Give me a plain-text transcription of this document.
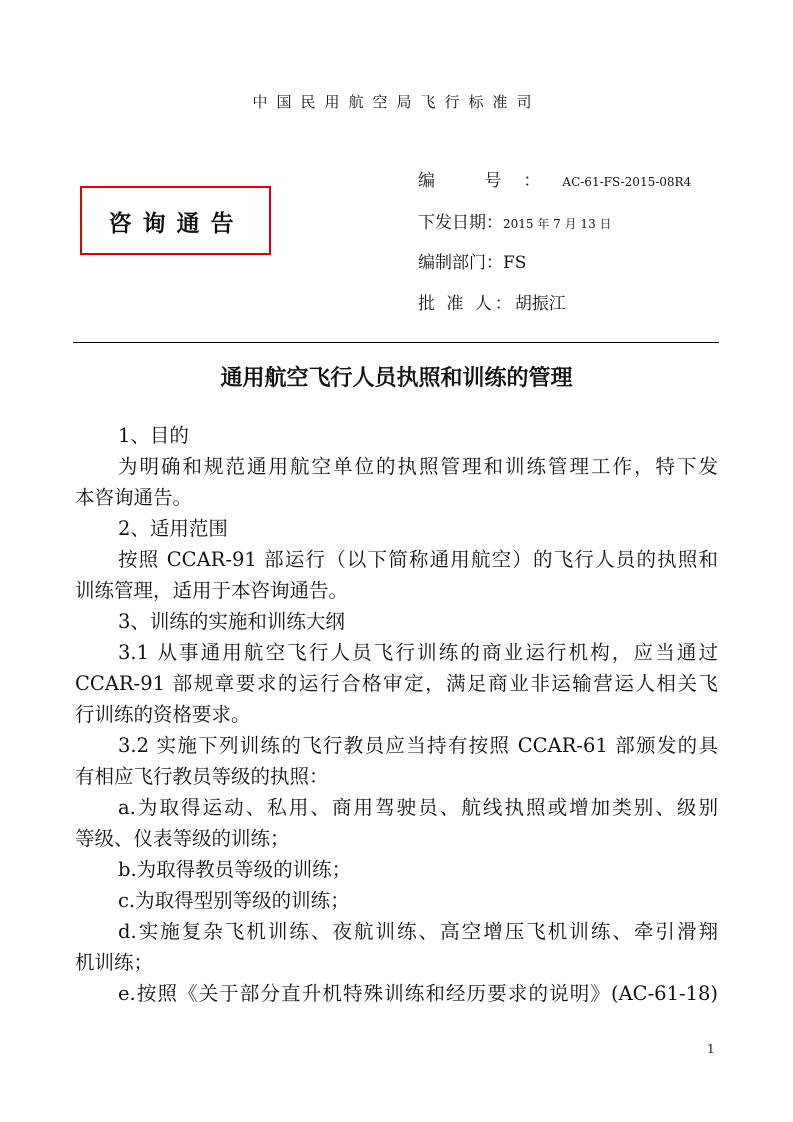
中国民用航空局飞行标准司
咨询通告
编 号：AC-61-FS-2015-08R4
下发日期：2015 年 7 月 13 日
编制部门：FS
批 准 人：胡振江
通用航空飞行人员执照和训练的管理
1、目的
为明确和规范通用航空单位的执照管理和训练管理工作，特下发
本咨询通告。
2、适用范围
按照 CCAR-91 部运行（以下简称通用航空）的飞行人员的执照和
训练管理，适用于本咨询通告。
3、训练的实施和训练大纲
3.1 从事通用航空飞行人员飞行训练的商业运行机构，应当通过
CCAR-91 部规章要求的运行合格审定，满足商业非运输营运人相关飞
行训练的资格要求。
3.2 实施下列训练的飞行教员应当持有按照 CCAR-61 部颁发的具
有相应飞行教员等级的执照：
a.为取得运动、私用、商用驾驶员、航线执照或增加类别、级别
等级、仪表等级的训练；
b.为取得教员等级的训练；
c.为取得型别等级的训练；
d.实施复杂飞机训练、夜航训练、高空增压飞机训练、牵引滑翔
机训练；
e.按照《关于部分直升机特殊训练和经历要求的说明》(AC-61-18)
1
